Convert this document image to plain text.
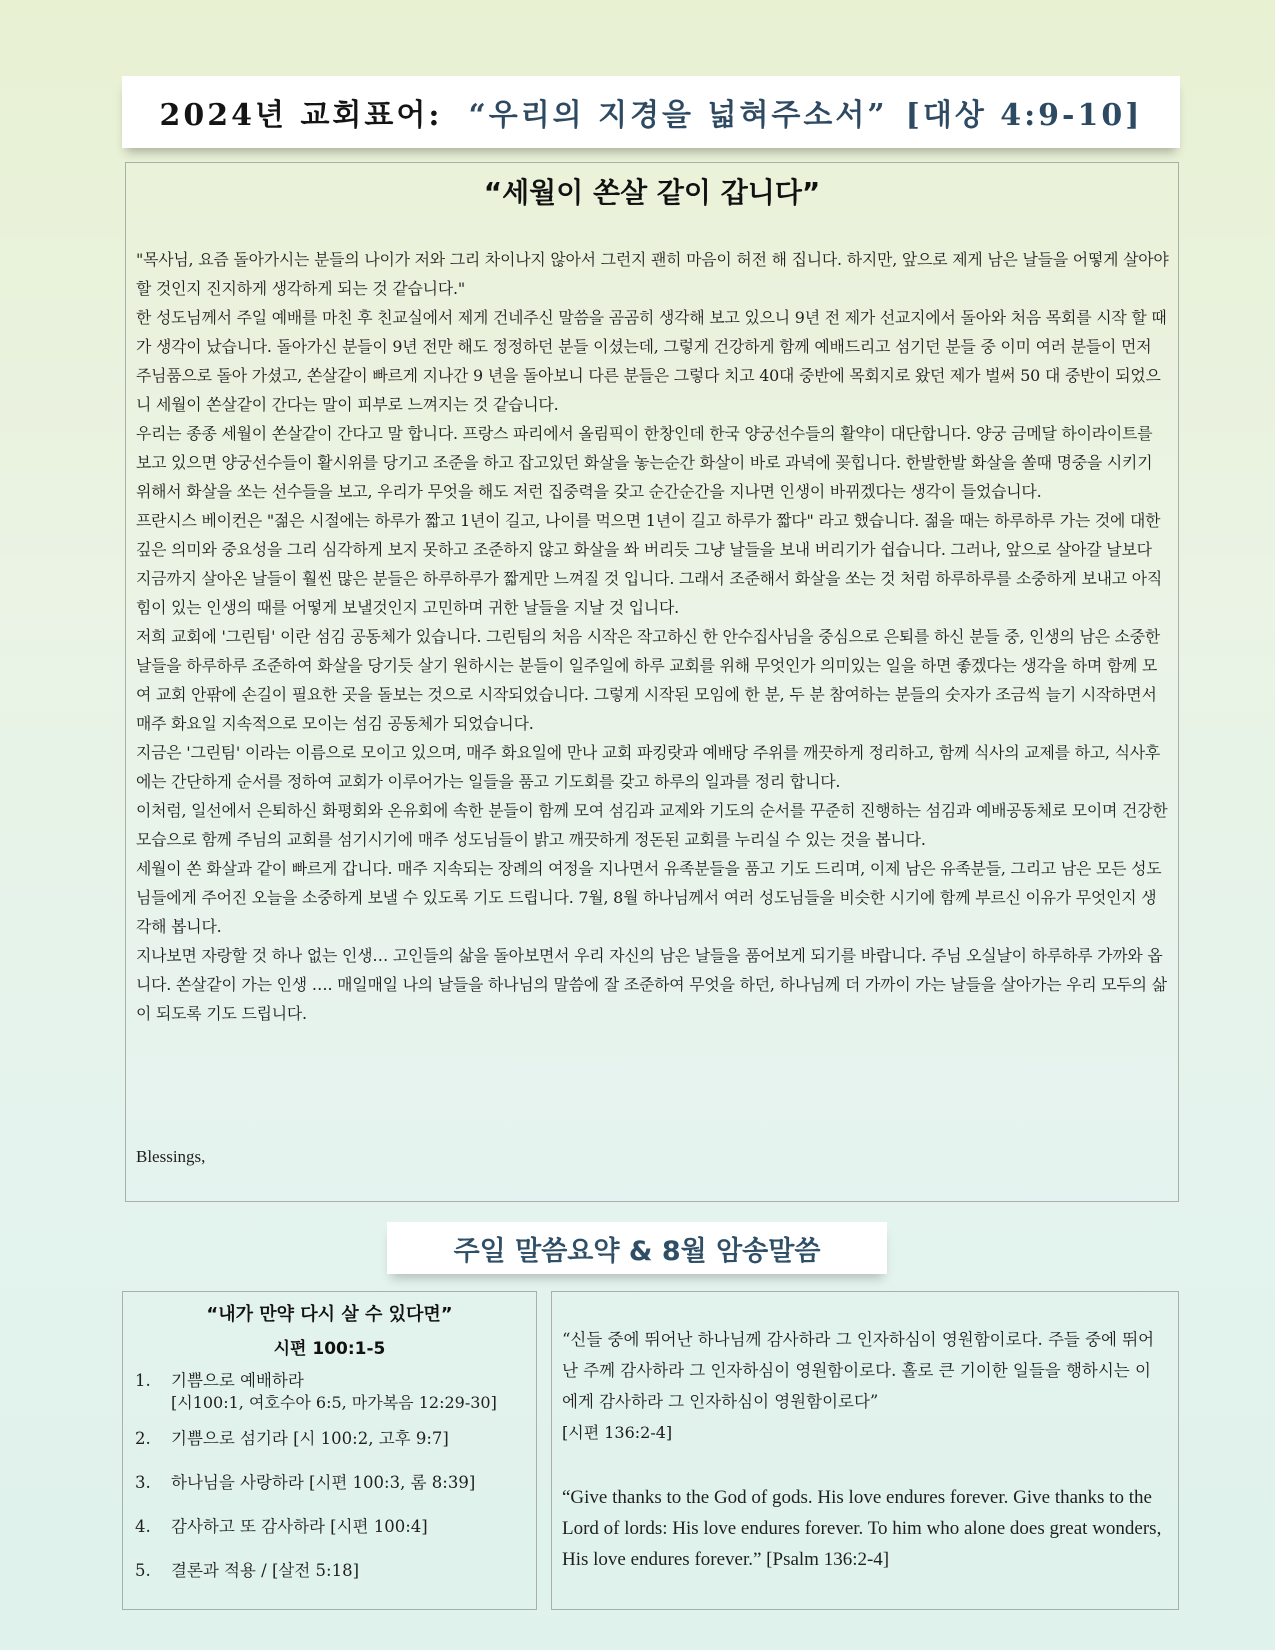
2024년 교회표어: “우리의 지경을 넓혀주소서” [대상 4:9-10]
“세월이 쏜살 같이 갑니다”

"목사님, 요즘 돌아가시는 분들의 나이가 저와 그리 차이나지 않아서 그런지 괜히 마음이 허전 해 집니다. 하지만, 앞으로 제게 남은 날들을 어떻게 살아야 할 것인지 진지하게 생각하게 되는 것 같습니다."

한 성도님께서 주일 예배를 마친 후 친교실에서 제게 건네주신 말씀을 곰곰히 생각해 보고 있으니 9년 전 제가 선교지에서 돌아와 처음 목회를 시작 할 때가 생각이 났습니다. 돌아가신 분들이 9년 전만 해도 정정하던 분들 이셨는데, 그렇게 건강하게 함께 예배드리고 섬기던 분들 중 이미 여러 분들이 먼저 주님품으로 돌아 가셨고, 쏜살같이 빠르게 지나간 9 년을 돌아보니 다른 분들은 그렇다 치고 40대 중반에 목회지로 왔던 제가 벌써 50 대 중반이 되었으니 세월이 쏜살같이 간다는 말이 피부로 느껴지는 것 같습니다.

우리는 종종 세월이 쏜살같이 간다고 말 합니다. 프랑스 파리에서 올림픽이 한창인데 한국 양궁선수들의 활약이 대단합니다. 양궁 금메달 하이라이트를 보고 있으면 양궁선수들이 활시위를 당기고 조준을 하고 잡고있던 화살을 놓는순간 화살이 바로 과녁에 꽂힙니다. 한발한발 화살을 쏠때 명중을 시키기 위해서 화살을 쏘는 선수들을 보고, 우리가 무엇을 해도 저런 집중력을 갖고 순간순간을 지나면 인생이 바뀌겠다는 생각이 들었습니다.

프란시스 베이컨은 "젊은 시절에는 하루가 짧고 1년이 길고, 나이를 먹으면 1년이 길고 하루가 짧다" 라고 했습니다. 젊을 때는 하루하루 가는 것에 대한 깊은 의미와 중요성을 그리 심각하게 보지 못하고 조준하지 않고 화살을 쏴 버리듯 그냥 날들을 보내 버리기가 쉽습니다. 그러나, 앞으로 살아갈 날보다 지금까지 살아온 날들이 훨씬 많은 분들은 하루하루가 짧게만 느껴질 것 입니다. 그래서 조준해서 화살을 쏘는 것 처럼 하루하루를 소중하게 보내고 아직 힘이 있는 인생의 때를 어떻게 보낼것인지 고민하며 귀한 날들을 지날 것 입니다.

저희 교회에 '그린팀' 이란 섬김 공동체가 있습니다. 그린팀의 처음 시작은 작고하신 한 안수집사님을 중심으로 은퇴를 하신 분들 중, 인생의 남은 소중한 날들을 하루하루 조준하여 화살을 당기듯 살기 원하시는 분들이 일주일에 하루 교회를 위해 무엇인가 의미있는 일을 하면 좋겠다는 생각을 하며 함께 모여 교회 안팎에 손길이 필요한 곳을 돌보는 것으로 시작되었습니다. 그렇게 시작된 모임에 한 분, 두 분 참여하는 분들의 숫자가 조금씩 늘기 시작하면서 매주 화요일 지속적으로 모이는 섬김 공동체가 되었습니다.

지금은 '그린팀' 이라는 이름으로 모이고 있으며, 매주 화요일에 만나 교회 파킹랏과 예배당 주위를 깨끗하게 정리하고, 함께 식사의 교제를 하고, 식사후에는 간단하게 순서를 정하여 교회가 이루어가는 일들을 품고 기도회를 갖고 하루의 일과를 정리 합니다.

이처럼, 일선에서 은퇴하신 화평회와 온유회에 속한 분들이 함께 모여 섬김과 교제와 기도의 순서를 꾸준히 진행하는 섬김과 예배공동체로 모이며 건강한 모습으로 함께 주님의 교회를 섬기시기에 매주 성도님들이 밝고 깨끗하게 정돈된 교회를 누리실 수 있는 것을 봅니다.

세월이 쏜 화살과 같이 빠르게 갑니다. 매주 지속되는 장례의 여정을 지나면서 유족분들을 품고 기도 드리며, 이제 남은 유족분들, 그리고 남은 모든 성도님들에게 주어진 오늘을 소중하게 보낼 수 있도록 기도 드립니다. 7월, 8월 하나님께서 여러 성도님들을 비슷한 시기에 함께 부르신 이유가 무엇인지 생각해 봅니다.

지나보면 자랑할 것 하나 없는 인생… 고인들의 삶을 돌아보면서 우리 자신의 남은 날들을 품어보게 되기를 바랍니다. 주님 오실날이 하루하루 가까와 옵니다. 쏜살같이 가는 인생 …. 매일매일 나의 날들을 하나님의 말씀에 잘 조준하여 무엇을 하던, 하나님께 더 가까이 가는 날들을 살아가는 우리 모두의 삶이 되도록 기도 드립니다.

Blessings,
주일 말씀요약 & 8월 암송말씀
“내가 만약 다시 살 수 있다면”
시편 100:1-5
1. 기쁨으로 예배하라
[시100:1, 여호수아 6:5, 마가복음 12:29-30]
2. 기쁨으로 섬기라 [시 100:2, 고후 9:7]
3. 하나님을 사랑하라 [시편 100:3, 롬 8:39]
4. 감사하고 또 감사하라 [시편 100:4]
5. 결론과 적용 / [살전 5:18]
“신들 중에 뛰어난 하나님께 감사하라 그 인자하심이 영원함이로다. 주들 중에 뛰어난 주께 감사하라 그 인자하심이 영원함이로다. 홀로 큰 기이한 일들을 행하시는 이에게 감사하라 그 인자하심이 영원함이로다”
[시편 136:2-4]
“Give thanks to the God of gods. His love endures forever. Give thanks to the Lord of lords: His love endures forever. To him who alone does great wonders, His love endures forever.” [Psalm 136:2-4]
